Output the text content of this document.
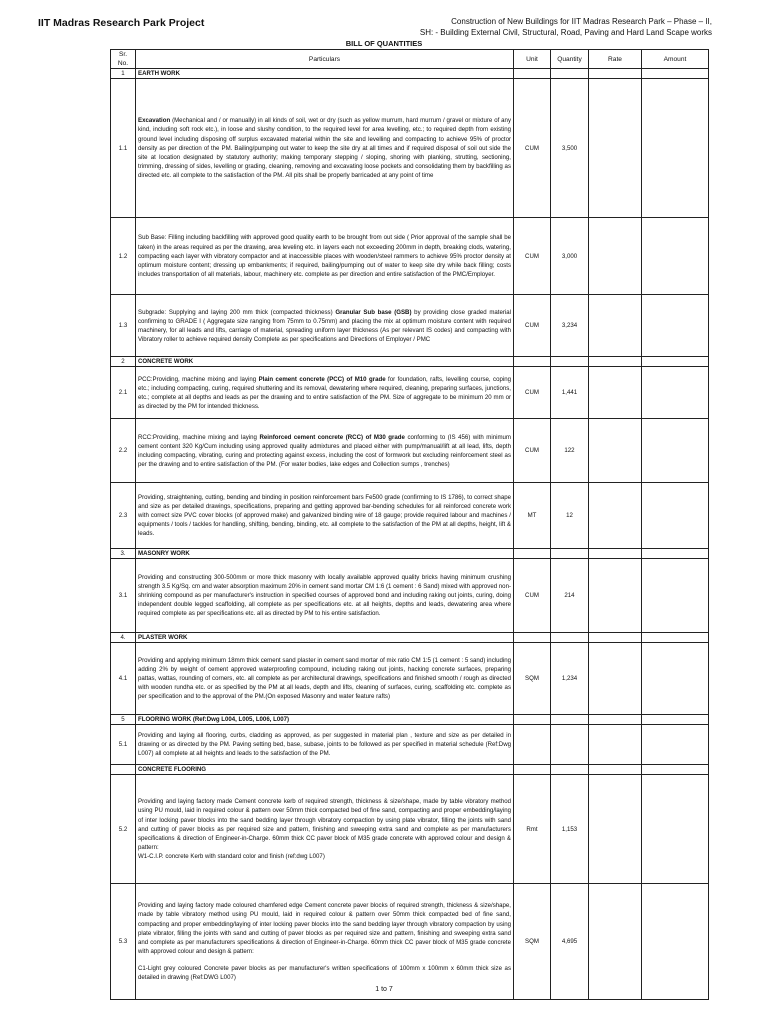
IIT Madras Research Park Project	Construction of New Buildings for IIT Madras Research Park – Phase – II,
SH: - Building External Civil, Structural, Road, Paving and Hard Land Scape works
BILL OF QUANTITIES
Sr. No.	Particulars	Unit	Quantity	Rate	Amount
1	EARTH WORK				
1.1	Excavation (Mechanical and / or manually) in all kinds of soil, wet or dry (such as yellow murrum, hard murrum / gravel or mixture of any kind, including soft rock etc.), in loose and slushy condition, to the required level for area levelling, etc.; to required depth from existing ground level including disposing off surplus excavated material within the site and levelling and compacting to achieve 95% of proctor density as per direction of the PM. Bailing/pumping out water to keep the site dry at all times and if required disposal of soil out side the site at location designated by statutory authority; making temporary stepping / sloping, shoring with planking, strutting, sectioning, trimming, dressing of sides, levelling or grading, cleaning, removing and excavating loose pockets and consolidating them by backfilling as directed etc. all complete to the satisfaction of the PM. All pits shall be properly barricaded at any point of time	CUM	3,500		
1.2	Sub Base: Filling including backfilling with approved good quality earth to be brought from out side ( Prior approval of the sample shall be taken) in the areas required as per the drawing, area leveling etc. in layers each not exceeding 200mm in depth, breaking clods, watering, compacting each layer with vibratory compactor and at inaccessible places with wooden/steel rammers to achieve 95% proctor density at optimum moisture content; dressing up embankments; if required, bailing/pumping out of water to keep site dry while back filling; costs includes transportation of all materials, labour, machinery etc. complete as per direction and entire satisfaction of the PMC/Employer.	CUM	3,000		
1.3	Subgrade: Supplying and laying 200 mm thick (compacted thickness) Granular Sub base (GSB) by providing close graded material confirming to GRADE I ( Aggregate size ranging from 75mm to 0.75mm) and placing the mix at optimum moisture content with required machinery, for all leads and lifts, carriage of material, spreading uniform layer thickness (As per relevant IS codes) and compacting with Vibratory roller to achieve required density Complete as per specifications and Directions of Employer / PMC	CUM	3,234		
2	CONCRETE WORK				
2.1	PCC:Providing, machine mixing and laying Plain cement concrete (PCC) of M10 grade for foundation, rafts, levelling course, coping etc.; including compacting, curing, required shuttering and its removal, dewatering where required, cleaning, preparing surfaces, junctions, etc.; complete at all depths and leads as per the drawing and to entire satisfaction of the PM. Size of aggregate to be minimum 20 mm or as directed by the PM for intended thickness.	CUM	1,441		
2.2	RCC:Providing, machine mixing and laying Reinforced cement concrete (RCC) of M30 grade conforming to (IS 456) with minimum cement content 320 Kg/Cum including using approved quality admixtures and placed either with pump/manual/lift at all lead, lifts, depth including compacting, vibrating, curing and protecting against excess, including the cost of formwork but excluding reinforcement steel as per the drawing and to entire satisfaction of the PM. (For water bodies, lake edges and Collection sumps , trenches)	CUM	122		
2.3	Providing, straightening, cutting, bending and binding in position reinforcement bars Fe500 grade (confirming to IS 1786), to correct shape and size as per detailed drawings, specifications, preparing and getting approved bar-bending schedules for all reinforced concrete work with correct size PVC cover blocks (of approved make) and galvanized binding wire of 18 gauge; provide required labour and machines / equipments / tools / tackles for handling, shifting, bending, binding, etc. all complete to the satisfaction of the PM at all depths, height, lift & leads.	MT	12		
3.	MASONRY WORK				
3.1	Providing and constructing 300-500mm or more thick masonry with locally available approved quality bricks having minimum crushing strength 3.5 Kg/Sq. cm and water absorption maximum 20% in cement sand mortar CM 1:6 (1 cement : 6 Sand) mixed with approved non-shrinking compound as per manufacturer's instruction in specified courses of approved bond and including raking out joints, curing, doing independent double legged scaffolding, all complete as per specifications etc. at all heights, depths and leads, dewatering area where required complete as per specifications etc. all as directed by PM to his entire satisfaction.	CUM	214		
4.	PLASTER WORK				
4.1	Providing and applying minimum 18mm thick cement sand plaster in cement sand mortar of mix ratio CM 1:5 (1 cement : 5 sand) including adding 2% by weight of cement approved waterproofing compound, including raking out joints, hacking concrete surfaces, preparing pattas, wattas, rounding of corners, etc. all complete as per architectural drawings, specifications and finished smooth / rough as directed with wooden rundha etc. or as specified by the PM at all leads, depth and lifts, cleaning of surfaces, curing, scaffolding etc. complete as per specification and to the approval of the PM.(On exposed Masonry and water feature rafts)	SQM	1,234		
5	FLOORING WORK (Ref:Dwg L004, L005, L006, L007)				
5.1	Providing and laying all flooring, curbs, cladding as approved, as per suggested in material plan , texture and size as per detailed in drawing or as directed by the PM. Paving setting bed, base, subase, joints to be followed as per specified in material schedule (Ref:Dwg L007) all complete at all heights and leads to the satisfaction of the PM.				
	CONCRETE FLOORING				
5.2	Providing and laying factory made Cement concrete kerb of required strength, thickness & size/shape, made by table vibratory method using PU mould, laid in required colour & pattern over 50mm thick compacted bed of fine sand, compacting and proper embedding/laying of inter locking paver blocks into the sand bedding layer through vibratory compaction by using plate vibrator, filling the joints with sand and cutting of paver blocks as per required size and pattern, finishing and sweeping extra sand and complete as per manufacturers specifications & direction of Engineer-in-Charge. 60mm thick CC paver block of M35 grade concrete with approved colour and design & pattern:
W1-C.I.P. concrete Kerb with standard color and finish (ref:dwg L007)	Rmt	1,153		
5.3	Providing and laying factory made coloured chamfered edge Cement concrete paver blocks of required strength, thickness & size/shape, made by table vibratory method using PU mould, laid in required colour & pattern over 50mm thick compacted bed of fine sand, compacting and proper embedding/laying of inter locking paver blocks into the sand bedding layer through vibratory compaction by using plate vibrator, filling the joints with sand and cutting of paver blocks as per required size and pattern, finishing and sweeping extra sand and complete as per manufacturers specifications & direction of Engineer-in-Charge. 60mm thick CC paver block of M35 grade concrete with approved colour and design & pattern:
C1-Light grey coloured Concrete paver blocks as per manufacturer's written specifications of 100mm x 100mm x 60mm thick size as detailed in drawing (Ref:DWG L007)	SQM	4,695		
1 to 7
